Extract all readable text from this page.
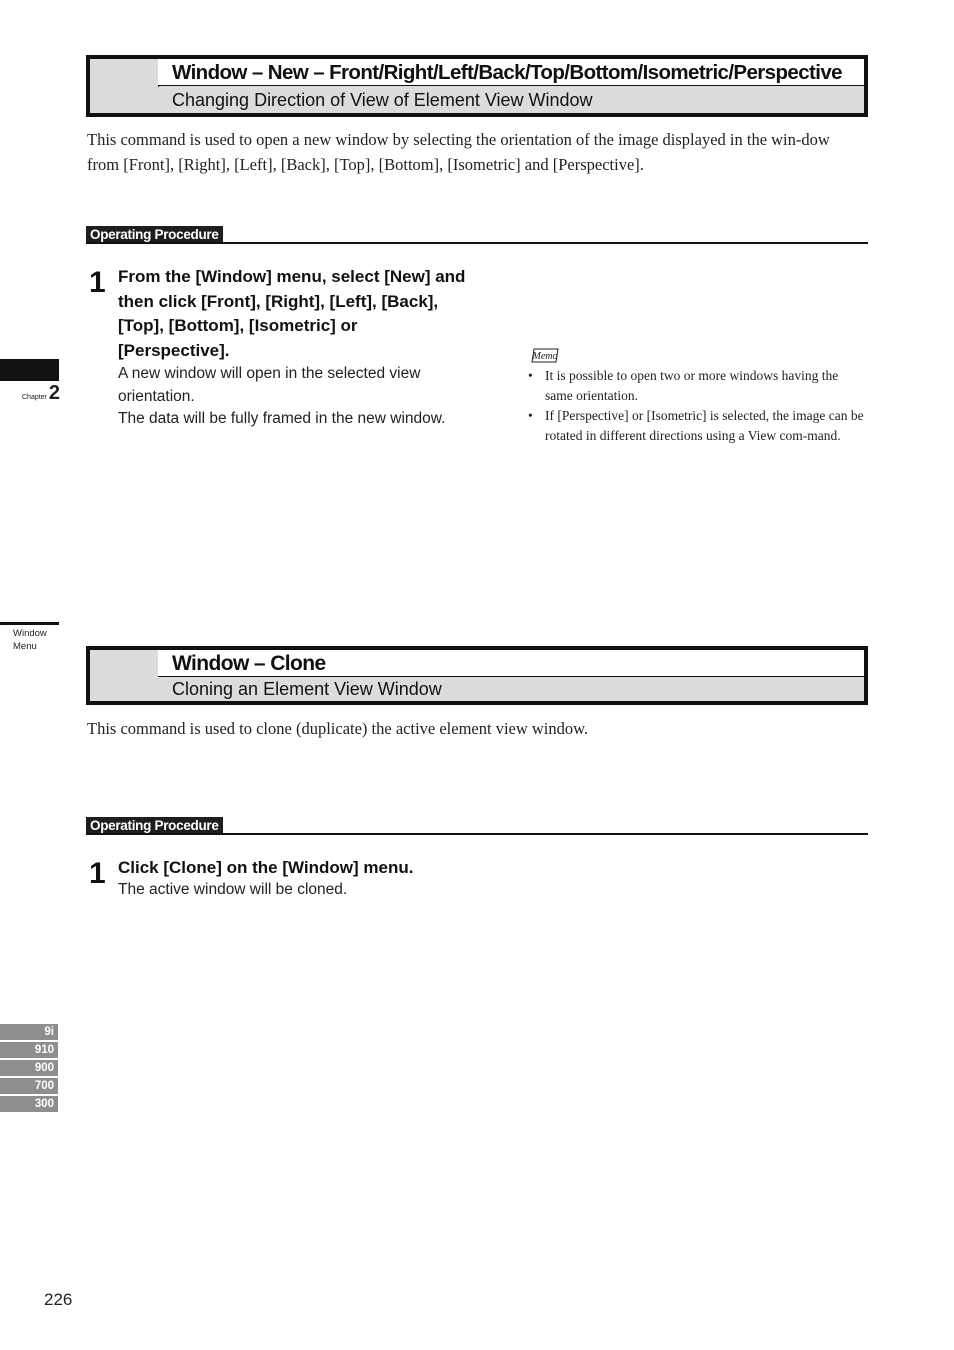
Window – New – Front/Right/Left/Back/Top/Bottom/Isometric/Perspective
Changing Direction of View of Element View Window
This command is used to open a new window by selecting the orientation of the image displayed in the win-dow from [Front], [Right], [Left], [Back], [Top], [Bottom], [Isometric] and [Perspective].
Operating Procedure
1 From the [Window] menu, select [New] and then click [Front], [Right], [Left], [Back], [Top], [Bottom], [Isometric] or [Perspective].
A new window will open in the selected view orientation.
The data will be fully framed in the new window.
Memo
• It is possible to open two or more windows having the same orientation.
• If [Perspective] or [Isometric] is selected, the image can be rotated in different directions using a View com-mand.
Window – Clone
Cloning an Element View Window
This command is used to clone (duplicate) the active element view window.
Operating Procedure
1 Click [Clone] on the [Window] menu.
The active window will be cloned.
Chapter 2
Window
Menu
9i
910
900
700
300
226
